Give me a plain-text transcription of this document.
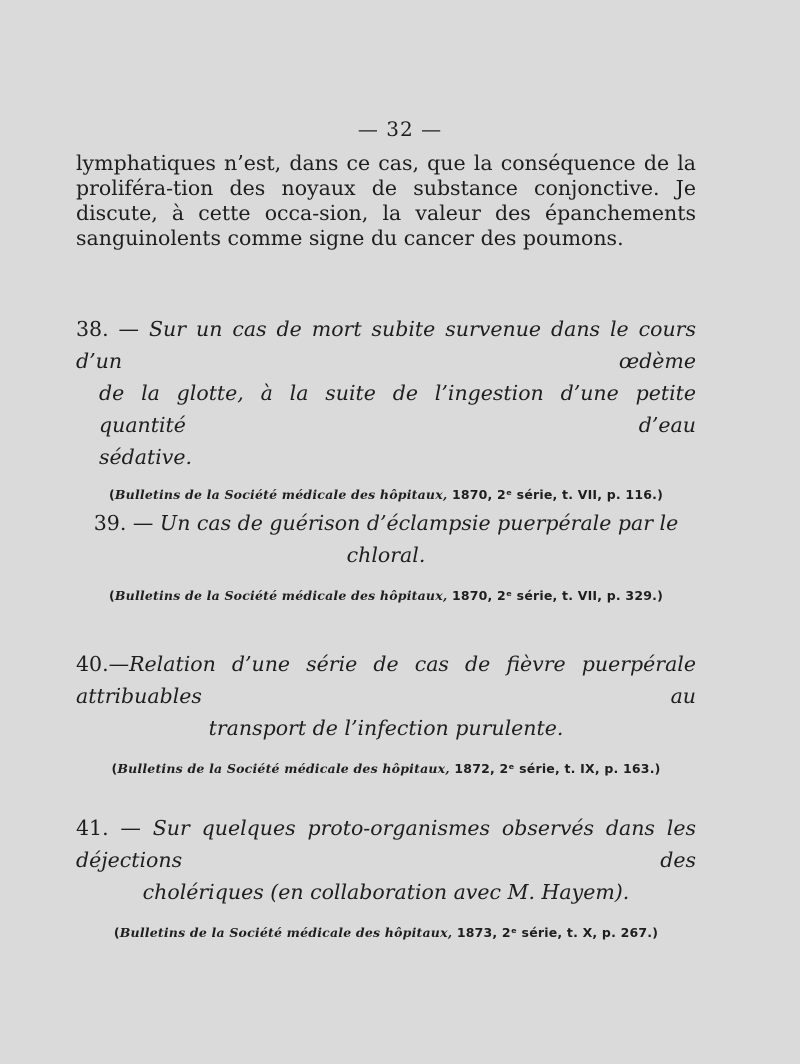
— 32 —

lymphatiques n’est, dans ce cas, que la conséquence de la proliféra-tion des noyaux de substance conjonctive. Je discute, à cette occa-sion, la valeur des épanchements sanguinolents comme signe du cancer des poumons.

38. — Sur un cas de mort subite survenue dans le cours d’un œdème
de la glotte, à la suite de l’ingestion d’une petite quantité d’eau
sédative.
(Bulletins de la Société médicale des hôpitaux, 1870, 2ᵉ série, t. VII, p. 116.)
39. — Un cas de guérison d’éclampsie puerpérale par le chloral.
(Bulletins de la Société médicale des hôpitaux, 1870, 2ᵉ série, t. VII, p. 329.)
40.—Relation d’une série de cas de fièvre puerpérale attribuables au
transport de l’infection purulente.
(Bulletins de la Société médicale des hôpitaux, 1872, 2ᵉ série, t. IX, p. 163.)
41. — Sur quelques proto-organismes observés dans les déjections des
cholériques (en collaboration avec M. Hayem).
(Bulletins de la Société médicale des hôpitaux, 1873, 2ᵉ série, t. X, p. 267.)
